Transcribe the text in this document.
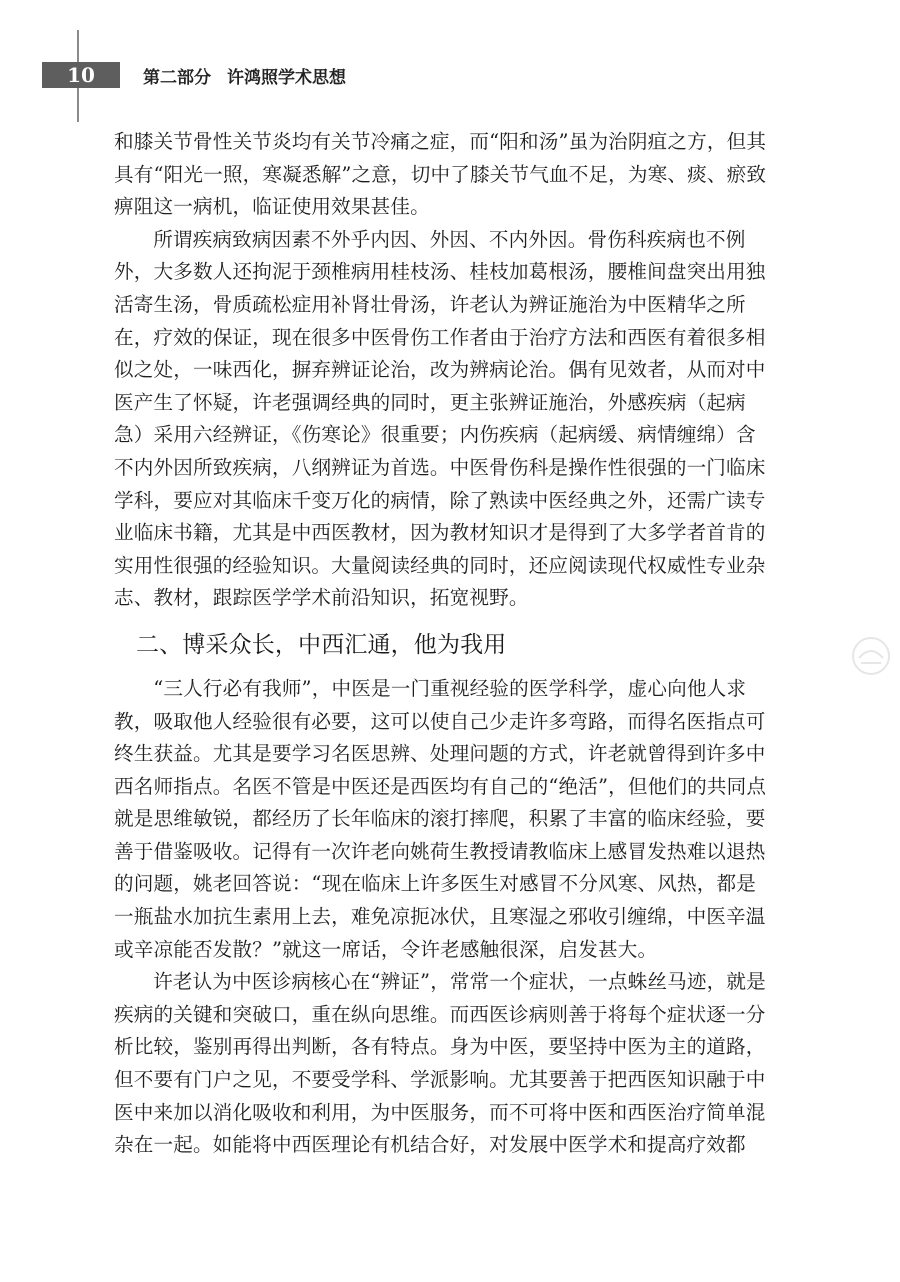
10	第二部分 许鸿照学术思想

和膝关节骨性关节炎均有关节冷痛之症，而“阳和汤”虽为治阴疽之方，但其具有“阳光一照，寒凝悉解”之意，切中了膝关节气血不足，为寒、痰、瘀致痹阻这一病机，临证使用效果甚佳。

所谓疾病致病因素不外乎内因、外因、不内外因。骨伤科疾病也不例外，大多数人还拘泥于颈椎病用桂枝汤、桂枝加葛根汤，腰椎间盘突出用独活寄生汤，骨质疏松症用补肾壮骨汤，许老认为辨证施治为中医精华之所在，疗效的保证，现在很多中医骨伤工作者由于治疗方法和西医有着很多相似之处，一味西化，摒弃辨证论治，改为辨病论治。偶有见效者，从而对中医产生了怀疑，许老强调经典的同时，更主张辨证施治，外感疾病（起病急）采用六经辨证，《伤寒论》很重要；内伤疾病（起病缓、病情缠绵）含不内外因所致疾病，八纲辨证为首选。中医骨伤科是操作性很强的一门临床学科，要应对其临床千变万化的病情，除了熟读中医经典之外，还需广读专业临床书籍，尤其是中西医教材，因为教材知识才是得到了大多学者首肯的实用性很强的经验知识。大量阅读经典的同时，还应阅读现代权威性专业杂志、教材，跟踪医学学术前沿知识，拓宽视野。

二、博采众长，中西汇通，他为我用

“三人行必有我师”，中医是一门重视经验的医学科学，虚心向他人求教，吸取他人经验很有必要，这可以使自己少走许多弯路，而得名医指点可终生获益。尤其是要学习名医思辨、处理问题的方式，许老就曾得到许多中西名师指点。名医不管是中医还是西医均有自己的“绝活”，但他们的共同点就是思维敏锐，都经历了长年临床的滚打摔爬，积累了丰富的临床经验，要善于借鉴吸收。记得有一次许老向姚荷生教授请教临床上感冒发热难以退热的问题，姚老回答说：“现在临床上许多医生对感冒不分风寒、风热，都是一瓶盐水加抗生素用上去，难免凉扼冰伏，且寒湿之邪收引缠绵，中医辛温或辛凉能否发散？”就这一席话，令许老感触很深，启发甚大。

许老认为中医诊病核心在“辨证”，常常一个症状，一点蛛丝马迹，就是疾病的关键和突破口，重在纵向思维。而西医诊病则善于将每个症状逐一分析比较，鉴别再得出判断，各有特点。身为中医，要坚持中医为主的道路，但不要有门户之见，不要受学科、学派影响。尤其要善于把西医知识融于中医中来加以消化吸收和利用，为中医服务，而不可将中医和西医治疗简单混杂在一起。如能将中西医理论有机结合好，对发展中医学术和提高疗效都
